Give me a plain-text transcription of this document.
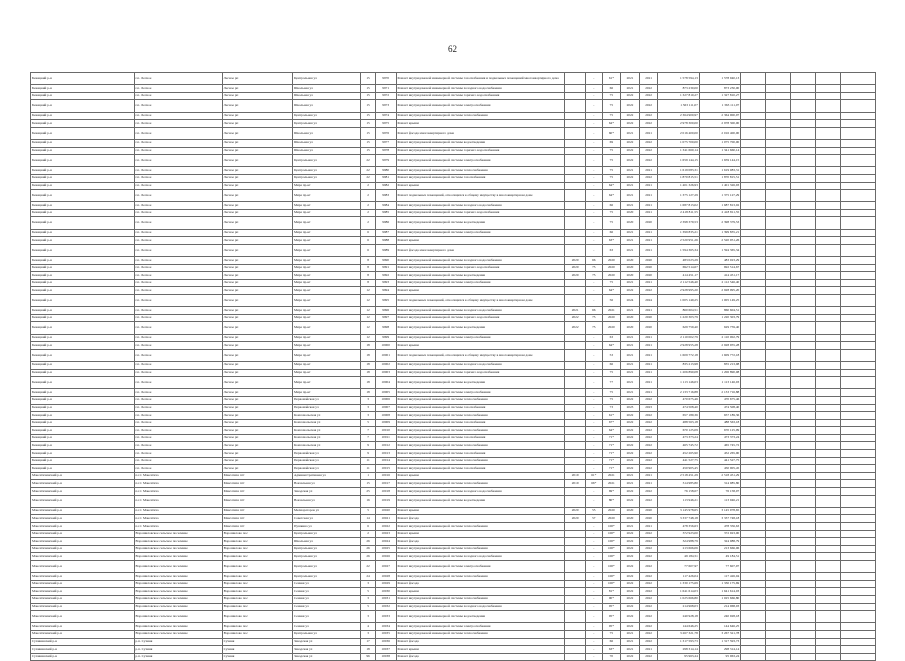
62
Бежецкий р-н	г.п. Лесное	Лесное рп	Центральная ул	15	9970	Ремонт внутридомовой инженерной системы газоснабжения и подвальных помещений многоквартирного дома		-	61*	2021	2021	1 578 594,13	1 578 940,13					
Бежецкий р-н	г.п. Лесное	Лесное рп	Школьная ул	15	9971	Ремонт внутридомовой инженерной системы холодного водоснабжения		-	66	2021	2022	873 230,00	873 230,00					
Бежецкий р-н	г.п. Лесное	Лесное рп	Школьная ул	15	9972	Ремонт внутридомовой инженерной системы горячего водоснабжения		-	75	2022	2022	1 327 810,27	1 327 810,27					
Бежецкий р-н	г.п. Лесное	Лесное рп	Школьная ул	15	9973	Ремонт внутридомовой инженерной системы электроснабжения		-	75	2022	2022	1 363 111,07	1 363 111,07					
Бежецкий р-н	г.п. Лесное	Лесное рп	Центральная ул	15	9974	Ремонт внутридомовой инженерной системы теплоснабжения		-	75	2022	2022	2 364 900,97	2 364 900,97					
Бежецкий р-н	г.п. Лесное	Лесное рп	Центральная ул	15	9975	Ремонт крыши		-	64*	2022	2022	2 978 300,00	2 978 300,00					
Бежецкий р-н	г.п. Лесное	Лесное рп	Школьная ул	15	9976	Ремонт фасада многоквартирного дома		-	60*	2021	2021	2 016 400,00	2 016 400,00					
Бежецкий р-н	г.п. Лесное	Лесное рп	Школьная ул	15	9977	Ремонт внутридомовой инженерной системы водоотведения		-	69	2022	2022	1 075 700,00	1 075 700,00					
Бежецкий р-н	г.п. Лесное	Лесное рп	Школьная ул	15	9978	Ремонт внутридомовой инженерной системы горячего водоснабжения		-	75	2022	2022	1 341 660,14	1 341 660,14					
Бежецкий р-н	г.п. Лесное	Лесное рп	Центральная ул	22	9979	Ремонт внутридомовой инженерной системы электроснабжения		-	75	2022	2022	1 659 144,15	1 659 144,15					
Бежецкий р-н	г.п. Лесное	Лесное рп	Центральная ул	22	9980	Ремонт внутридомовой инженерной системы теплоснабжения		-	75	2021	2021	1 619 083,31	1 619 083,31					
Бежецкий р-н	г.п. Лесное	Лесное рп	Центральная ул	22	9981	Ремонт внутридомовой инженерной системы газоснабжения		-	75	2022	2022	1 870 815,51	1 870 815,51					
Бежецкий р-н	г.п. Лесное	Лесное рп	Мира пр-кт	2	9982	Ремонт крыши		-	64*	2021	2021	1 401 326,93	1 401 326,93					
Бежецкий р-н	г.п. Лесное	Лесное рп	Мира пр-кт	2	9983	Ремонт подвальных помещений, относящихся к общему имуществу в многоквартирном доме		-	64*	2021	2021	1 375 127,29	1 375 127,29					
Бежецкий р-н	г.п. Лесное	Лесное рп	Мира пр-кт	2	9984	Ремонт внутридомовой инженерной системы холодного водоснабжения		-	66	2021	2021	1 687 813,02	1 687 813,02					
Бежецкий р-н	г.п. Лесное	Лесное рп	Мира пр-кт	2	9985	Ремонт внутридомовой инженерной системы горячего водоснабжения		-	75	2020	2021	2 418 811,55	2 418 811,55					
Бежецкий р-н	г.п. Лесное	Лесное рп	Мира пр-кт	2	9986	Ремонт внутридомовой инженерной системы водоотведения		-	75	2020	2020	2 398 379,53	2 398 379,53					
Бежецкий р-н	г.п. Лесное	Лесное рп	Мира пр-кт	6	9987	Ремонт внутридомовой инженерной системы электроснабжения		-	66	2021	2021	1 399 835,21	1 399 835,21					
Бежецкий р-н	г.п. Лесное	Лесное рп	Мира пр-кт	6	9988	Ремонт крыши		-	63*	2021	2021	2 520 951,26	2 520 951,26					
Бежецкий р-н	г.п. Лесное	Лесное рп	Мира пр-кт	6	9989	Ремонт фасада многоквартирного дома		-	63	2021	2021	1 594 365,34	1 594 365,34					
Бежецкий р-н	г.п. Лесное	Лесное рп	Мира пр-кт	8	9990	Ремонт внутридомовой инженерной системы холодного водоснабжения	2020	66	2020	2020	2020	483 023,29	483 023,29					
Бежецкий р-н	г.п. Лесное	Лесное рп	Мира пр-кт	8	9991	Ремонт внутридомовой инженерной системы горячего водоснабжения	2020	75	2020	2020	2020	692 514,67	692 514,67					
Бежецкий р-н	г.п. Лесное	Лесное рп	Мира пр-кт	8	9992	Ремонт внутридомовой инженерной системы водоотведения	2020	75	2020	2020	2020	414 451,17	414 451,17					
Бежецкий р-н	г.п. Лесное	Лесное рп	Мира пр-кт	8	9993	Ремонт внутридомовой инженерной системы электроснабжения		-	75	2021	2021	2 112 546,40	2 112 546,40					
Бежецкий р-н	г.п. Лесное	Лесное рп	Мира пр-кт	12	9994	Ремонт крыши		-	64*	2022	2022	2 928 995,20	2 928 995,20					
Бежецкий р-н	г.п. Лесное	Лесное рп	Мира пр-кт	12	9995	Ремонт подвальных помещений, относящихся к общему имуществу в многоквартирном доме		-	56	2024	2024	1 005 149,25	1 005 149,25					
Бежецкий р-н	г.п. Лесное	Лесное рп	Мира пр-кт	12	9996	Ремонт внутридомовой инженерной системы холодного водоснабжения	2021	66	2021	2021	2021	860 604,51	860 604,51					
Бежецкий р-н	г.п. Лесное	Лесное рп	Мира пр-кт	12	9997	Ремонт внутридомовой инженерной системы горячего водоснабжения	2022	75	2020	2020	2020	1 220 303,79	1 220 303,79					
Бежецкий р-н	г.п. Лесное	Лесное рп	Мира пр-кт	12	9998	Ремонт внутридомовой инженерной системы водоотведения	2022	75	2020	2020	2020	629 759,40	629 759,40					
Бежецкий р-н	г.п. Лесное	Лесное рп	Мира пр-кт	12	9999	Ремонт внутридомовой инженерной системы электроснабжения		-	63	2021	2021	2 110 002,79	2 110 002,79					
Бежецкий р-н	г.п. Лесное	Лесное рп	Мира пр-кт	18	10000	Ремонт крыши		-	64*	2021	2021	2 928 955,28	2 928 955,28					
Бежецкий р-н	г.п. Лесное	Лесное рп	Мира пр-кт	18	10001	Ремонт подвальных помещений, относящихся к общему имуществу в многоквартирном доме		-	53	2021	2021	1 609 772,18	1 609 772,18					
Бежецкий р-н	г.п. Лесное	Лесное рп	Мира пр-кт	18	10002	Ремонт внутридомовой инженерной системы холодного водоснабжения		-	66	2021	2021	835 213,98	835 213,98					
Бежецкий р-н	г.п. Лесное	Лесное рп	Мира пр-кт	18	10003	Ремонт внутридомовой инженерной системы горячего водоснабжения		-	75	2021	2021	1 206 890,08	1 206 890,08					
Бежецкий р-н	г.п. Лесное	Лесное рп	Мира пр-кт	18	10004	Ремонт внутридомовой инженерной системы водоотведения		-	77	2021	2021	1 113 146,03	1 113 146,03					
Бежецкий р-н	г.п. Лесное	Лесное рп	Мира пр-кт	18	10005	Ремонт внутридомовой инженерной системы электроснабжения		-	75	2021	2021	2 133 716,88	2 133 716,88					
Бежецкий р-н	г.п. Лесное	Лесное рп	Первомайская ул	3	10006	Ремонт внутридомовой инженерной системы теплоснабжения		-	75	2022	2022	470 675,46	470 675,46					
Бежецкий р-н	г.п. Лесное	Лесное рп	Первомайская ул	3	10007	Ремонт внутридомовой инженерной системы газоснабжения		-	73	2023	2023	474 508,40	474 508,40					
Бежецкий р-н	г.п. Лесное	Лесное рп	Комсомольская ул	3	10008	Ремонт внутридомовой инженерной системы теплоснабжения		-	61*	2022	2022	657 189,36	657 189,36					
Бежецкий р-н	г.п. Лесное	Лесное рп	Комсомольская ул	5	10009	Ремонт внутридомовой инженерной системы газоснабжения		-	67*	2022	2022	488 563,18	488 563,18					
Бежецкий р-н	г.п. Лесное	Лесное рп	Комсомольская ул	7	10010	Ремонт внутридомовой инженерной системы теплоснабжения		-	64*	2022	2022	670 125,09	670 125,09					
Бежецкий р-н	г.п. Лесное	Лесное рп	Комсомольская ул	7	10011	Ремонт внутридомовой инженерной системы газоснабжения		-	71*	2022	2022	473 373,24	473 373,24					
Бежецкий р-н	г.п. Лесное	Лесное рп	Комсомольская ул	9	10012	Ремонт внутридомовой инженерной системы теплоснабжения		-	71*	2022	2022	465 745,72	465 745,72					
Бежецкий р-н	г.п. Лесное	Лесное рп	Первомайская ул	9	10013	Ремонт внутридомовой инженерной системы газоснабжения		-	71*	2022	2022	452 265,90	452 265,90					
Бежецкий р-н	г.п. Лесное	Лесное рп	Первомайская ул	11	10014	Ремонт внутридомовой инженерной системы теплоснабжения		-	71*	2022	2022	441 527,75	441 527,75					
Бежецкий р-н	г.п. Лесное	Лесное рп	Первомайская ул	11	10015	Ремонт внутридомовой инженерной системы газоснабжения		-	71*	2022	2022	450 905,45	450 905,45					
Максатихинский р-н	п.г.т. Максатиха	Максатиха пгт	Административная ул	1	10016	Ремонт крыши	2019	61*	2021	2021	2021	2 518 451,29	2 518 451,29					
Максатихинский р-н	п.г.т. Максатиха	Максатиха пгт	Вокзальная ул	15	10017	Ремонт внутридомовой инженерной системы теплоснабжения	2019	66*	2021	2021	2021	314 985,80	314 985,80					
Максатихинский р-н	п.г.т. Максатиха	Максатиха пгт	Заводская ул	25	10018	Ремонт внутридомовой инженерной системы холодного водоснабжения		-	69*	2022	2022	76 158,07	76 158,07					
Максатихинский р-н	п.г.т. Максатиха	Максатиха пгт	Вокзальная ул	16	10019	Ремонт внутридомовой инженерной системы водоотведения		-	80*	2022	2022	113 946,21	113 946,21					
Максатихинский р-н	п.г.т. Максатиха	Максатиха пгт	Мелиораторов ул	5	10020	Ремонт крыши	2020	55	2020	2020	2020	3 145 978,65	3 145 978,65					
Максатихинский р-н	п.г.т. Максатиха	Максатиха пгт	Советская ул	14	10021	Ремонт фасада	2020	57	2020	2020	2020	3 337 748,18	3 337 748,18					
Максатихинский р-н	п.г.т. Максатиха	Максатиха пгт	Пушкина ул	6	10022	Ремонт внутридомовой инженерной системы теплоснабжения		-	100*	2021	2021	478 356,63	478 356,63					
Максатихинский р-н	Ворошиловское сельское поселение	Ворошилово пос	Центральная ул	2	10023	Ремонт крыши		-	100*	2022	2022	372 923,00	372 923,00					
Максатихинский р-н	Ворошиловское сельское поселение	Ворошилово пос	Школьная ул	26	10024	Ремонт фасада		-	100*	2022	2022	324 988,79	324 988,79					
Максатихинский р-н	Ворошиловское сельское поселение	Ворошилово пос	Центральная ул	26	10025	Ремонт внутридомовой инженерной системы теплоснабжения		-	100*	2022	2022	213 666,06	213 666,06					
Максатихинский р-н	Ворошиловское сельское поселение	Ворошилово пос	Центральная ул	26	10026	Ремонт внутридомовой инженерной системы холодного водоснабжения		-	100*	2022	2022	49 184,51	49 184,51					
Максатихинский р-н	Ворошиловское сельское поселение	Ворошилово пос	Центральная ул	22	10027	Ремонт внутридомовой инженерной системы электроснабжения		-	100*	2022	2022	77 607,97	77 607,97					
Максатихинский р-н	Ворошиловское сельское поселение	Ворошилово пос	Центральная ул	24	10028	Ремонт внутридомовой инженерной системы теплоснабжения		-	100*	2022	2022	117 426,04	117 426,04					
Максатихинский р-н	Ворошиловское сельское поселение	Ворошилово пос	Сенная ул	3	10029	Ремонт фасада		-	100*	2022	2022	1 330 175,69	1 330 175,69					
Максатихинский р-н	Ворошиловское сельское поселение	Ворошилово пос	Сенная ул	5	10030	Ремонт крыши		-	81*	2022	2022	1 641 614,03	1 641 614,03					
Максатихинский р-н	Ворошиловское сельское поселение	Ворошилово пос	Сенная ул	3	10031	Ремонт внутридомовой инженерной системы теплоснабжения		-	90*	2022	2022	1 025 666,80	1 025 666,80					
Максатихинский р-н	Ворошиловское сельское поселение	Ворошилово пос	Сенная ул	5	10032	Ремонт внутридомовой инженерной системы холодного водоснабжения		-	95*	2022	2022	214 968,03	214 968,03					
Максатихинский р-н	Ворошиловское сельское поселение	Ворошилово пос	Сенная ул	3	10033	Ремонт внутридомовой инженерной системы водоотведения		-	95*	2022	2022	240 928,18	240 928,18					
Максатихинский р-н	Ворошиловское сельское поселение	Ворошилово пос	Сенная ул	4	10034	Ремонт внутридомовой инженерной системы электроснабжения		-	95*	2022	2022	144 646,25	144 646,25					
Максатихинский р-н	Ворошиловское сельское поселение	Ворошилово пос	Центральная ул	3	10035	Ремонт внутридомовой инженерной системы теплоснабжения		-	75	2021	2022	3 267 321,78	3 267 321,78					
Сухининский р-н	р.п. Сухиня	Сухиня	Заводская ул	17	10036	Ремонт фасада		-	66	2021	2022	1 317 593,73	1 317 593,73					
Сухининский р-н	р.п. Сухиня	Сухиня	Заводская ул	18	10037	Ремонт крыши		-	63*	2021	2021	298 314,14	298 314,14					
Сухининский р-н	р.п. Сухиня	Сухиня	Заводская ул	96	10038	Ремонт фасада		-	70	2022	2022	95 963,24	95 963,24					
